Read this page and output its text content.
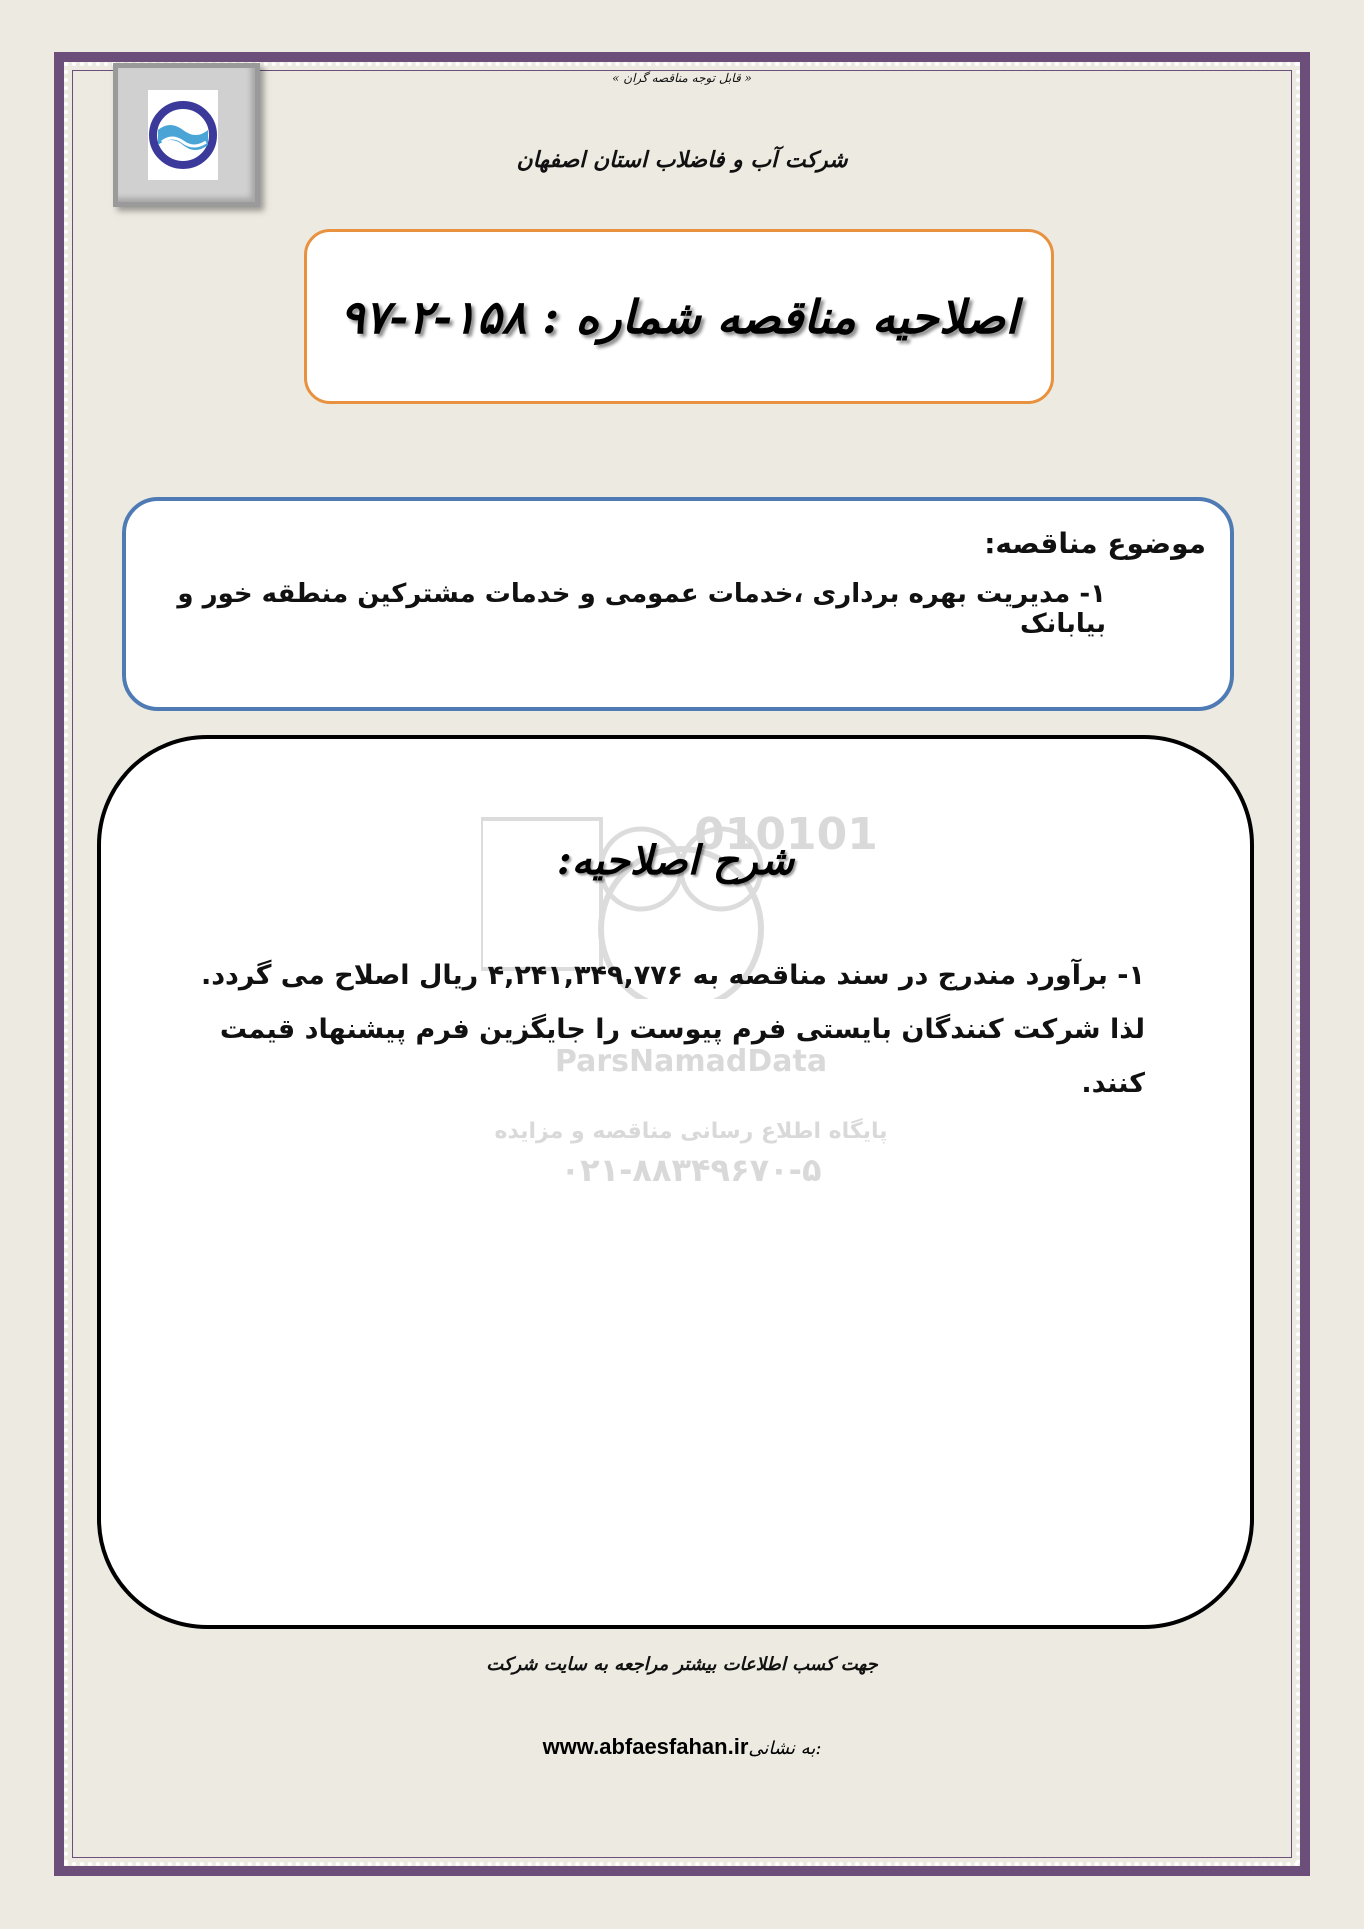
« قابل توجه مناقصه گران »
شرکت آب و فاضلاب استان اصفهان
اصلاحیه مناقصه شماره : ۱۵۸-۲-۹۷
موضوع مناقصه:
۱- مدیریت بهره برداری ،خدمات عمومی و خدمات مشترکین منطقه خور و بیابانک
010101
ParsNamadData
پایگاه اطلاع رسانی مناقصه و مزایده
۰۲۱-۸۸۳۴۹۶۷۰-۵
شرح اصلاحیه:
۱- برآورد مندرج در سند مناقصه به ۴,۲۴۱,۳۴۹,۷۷۶ ریال اصلاح می گردد. لذا شرکت کنندگان بایستی فرم پیوست را جایگزین فرم پیشنهاد قیمت کنند.
جهت کسب اطلاعات بیشتر مراجعه به سایت شرکت
www.abfaesfahan.irبه نشانی:
